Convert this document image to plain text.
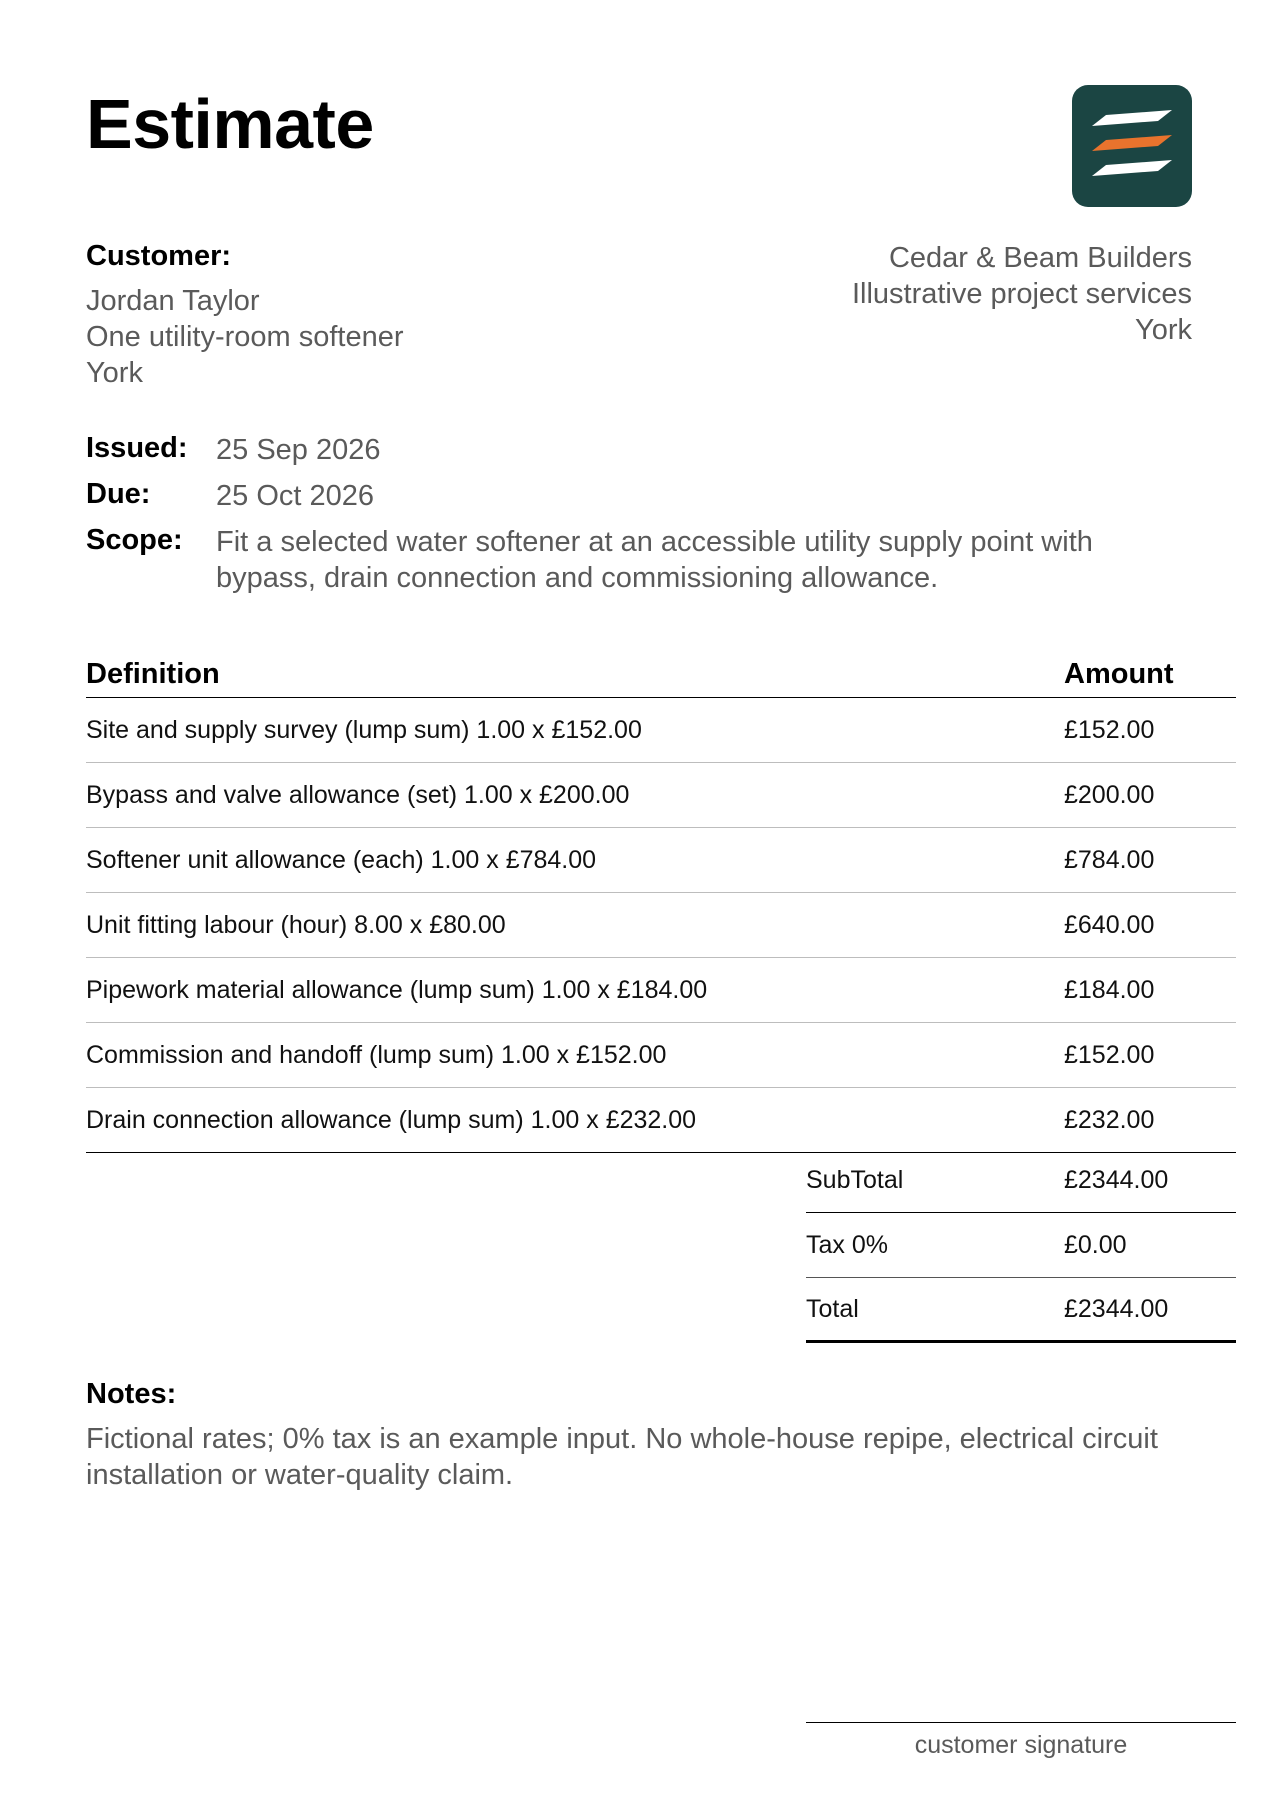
Estimate
Customer:
Jordan Taylor
One utility-room softener
York
Cedar & Beam Builders
Illustrative project services
York
Issued: 25 Sep 2026
Due:	25 Oct 2026
Scope:	Fit a selected water softener at an accessible utility supply point with bypass, drain connection and commissioning allowance.
Definition	Amount
Site and supply survey (lump sum) 1.00 x £152.00	£152.00
Bypass and valve allowance (set) 1.00 x £200.00	£200.00
Softener unit allowance (each) 1.00 x £784.00	£784.00
Unit fitting labour (hour) 8.00 x £80.00	£640.00
Pipework material allowance (lump sum) 1.00 x £184.00	£184.00
Commission and handoff (lump sum) 1.00 x £152.00	£152.00
Drain connection allowance (lump sum) 1.00 x £232.00	£232.00
SubTotal	£2344.00
Tax 0%	£0.00
Total	£2344.00
Notes:
Fictional rates; 0% tax is an example input. No whole-house repipe, electrical circuit installation or water-quality claim.
customer signature
